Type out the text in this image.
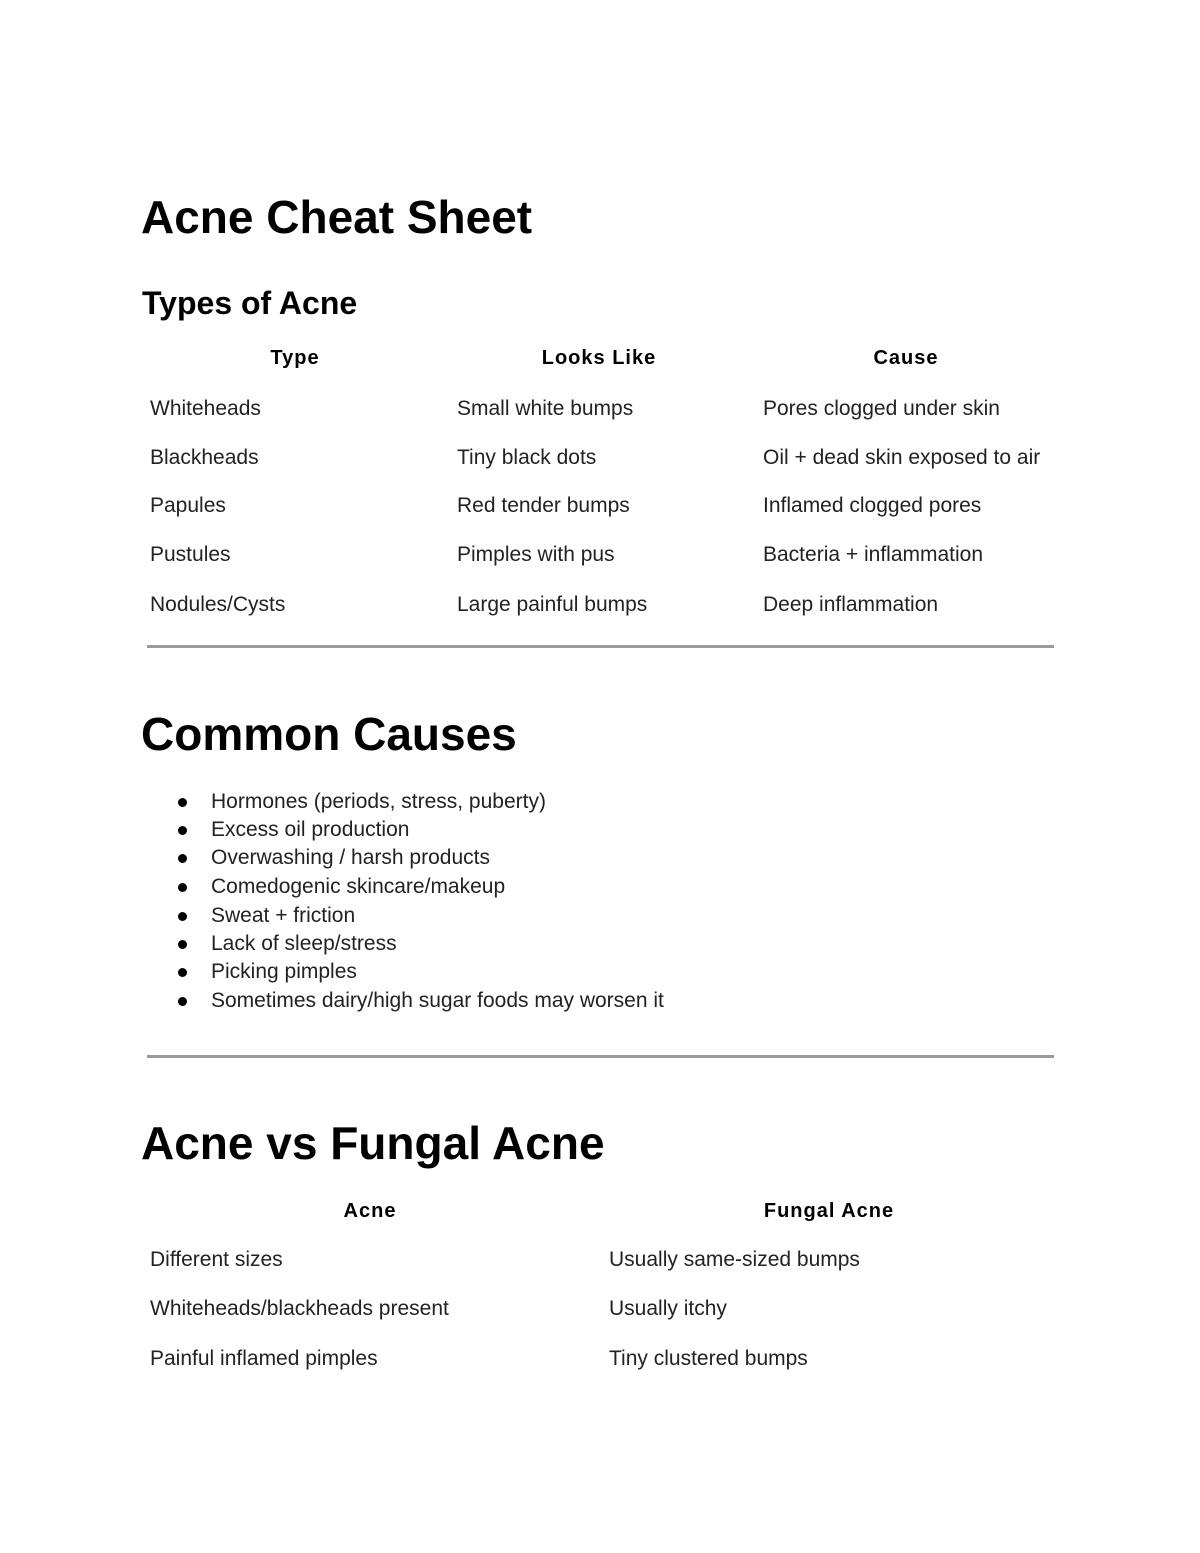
Acne Cheat Sheet
Types of Acne
Type	Looks Like	Cause
Whiteheads	Small white bumps	Pores clogged under skin
Blackheads	Tiny black dots	Oil + dead skin exposed to air
Papules	Red tender bumps	Inflamed clogged pores
Pustules	Pimples with pus	Bacteria + inflammation
Nodules/Cysts	Large painful bumps	Deep inflammation
Common Causes
Hormones (periods, stress, puberty)
Excess oil production
Overwashing / harsh products
Comedogenic skincare/makeup
Sweat + friction
Lack of sleep/stress
Picking pimples
Sometimes dairy/high sugar foods may worsen it
Acne vs Fungal Acne
Acne	Fungal Acne
Different sizes	Usually same-sized bumps
Whiteheads/blackheads present	Usually itchy
Painful inflamed pimples	Tiny clustered bumps
